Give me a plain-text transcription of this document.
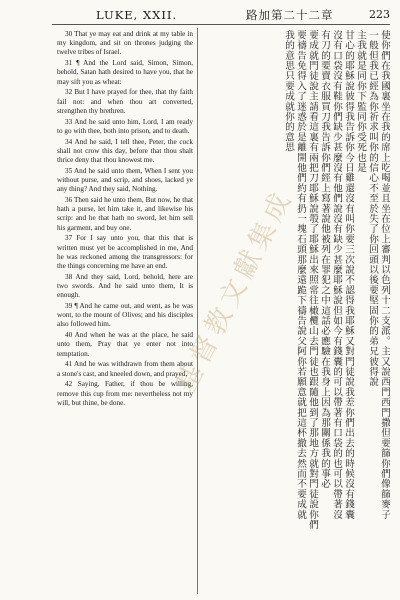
LUKE, XXII.	路加第二十二章	223

30 That ye may eat and drink at my table in my kingdom, and sit on thrones judging the twelve tribes of Israel.

31 ¶ And the Lord said, Simon, Simon, behold, Satan hath desired to have you, that he may sift you as wheat:

32 But I have prayed for thee, that thy faith fail not: and when thou art converted, strengthen thy brethren.

33 And he said unto him, Lord, I am ready to go with thee, both into prison, and to death.

34 And he said, I tell thee, Peter, the cock shall not crow this day, before that thou shalt thrice deny that thou knowest me.

35 And he said unto them, When I sent you without purse, and scrip, and shoes, lacked ye any thing? And they said, Nothing.

36 Then said he unto them, But now, he that hath a purse, let him take it, and likewise his scrip: and he that hath no sword, let him sell his garment, and buy one.

37 For I say unto you, that this that is written must yet be accomplished in me, And he was reckoned among the transgressors: for the things concerning me have an end.

38 And they said, Lord, behold, here are two swords. And he said unto them, It is enough.

39 ¶ And he came out, and went, as he was wont, to the mount of Olives; and his disciples also followed him.

40 And when he was at the place, he said unto them, Pray that ye enter not into temptation.

41 And he was withdrawn from them about a stone's cast, and kneeled down, and prayed,

42 Saying, Father, if thou be willing, remove this cup from me: nevertheless not my will, but thine, be done.	使你們在我國裏坐在我的席上吃喝並且坐在位上審判以色列十二支派。主又說西門西門撒但要篩你們像篩麥子
一般但我已經為你祈求叫你的信心不至於失了你回頭以後要堅固你的弟兄彼得說
主我就是同你下監同你受死也是
甘心的耶穌說彼得我告訴你今日雞還沒有叫你要三次說不認得我耶穌又對門徒說我差你們出去的時候沒有錢囊
沒有口袋沒有鞋你們缺少甚麼沒有他們說沒有缺少甚麼耶穌說但如今有錢囊的可以帶著有口袋的也可以帶著沒
有刀的要賣衣服買刀我告訴你們經上寫著說他被列在罪犯之中這話必應驗在我身上因為那關係我的事必
要成就門徒說主請看這裏有兩把刀耶穌說彀了耶穌出來照常往橄欖山去門徒也跟隨他到了那地方就對門徒說你們
要禱告免得入了迷惑於是離開他們約有扔一塊石頭那麼遠跪下禱告說父阿你若願意就把這杯撤去然而不要成就
我的意思只要成就你的意思
基督教文獻集成
